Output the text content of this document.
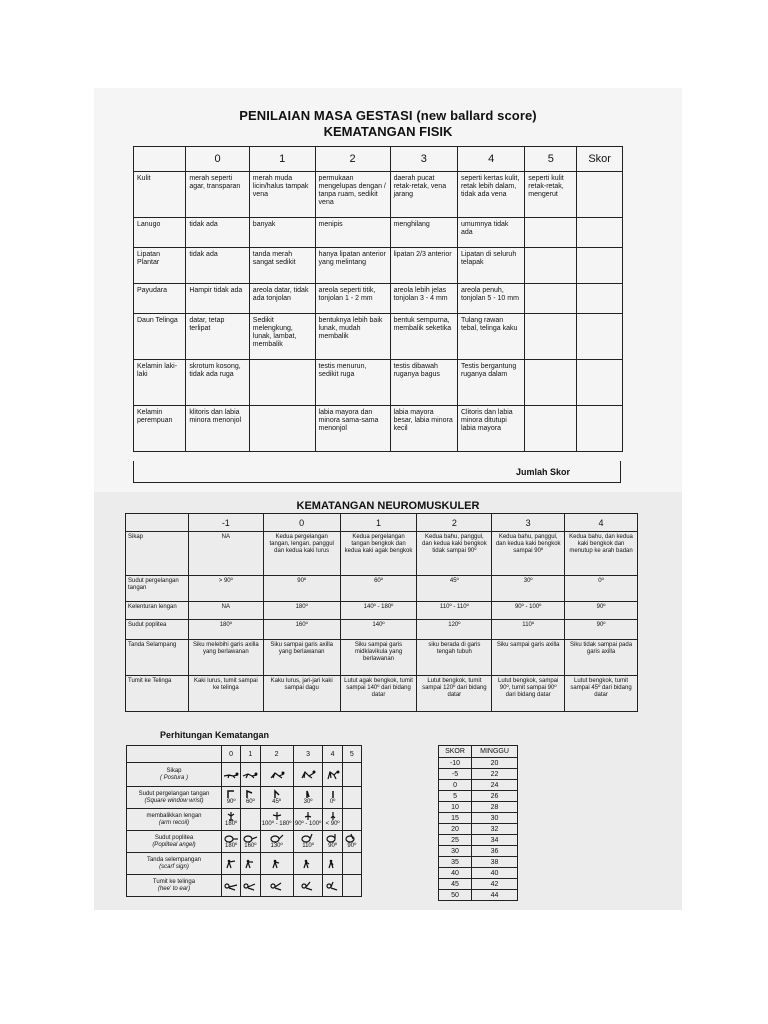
PENILAIAN MASA GESTASI (new ballard score)
KEMATANGAN FISIK
	0	1	2	3	4	5	Skor
Kulit	merah seperti agar, transparan	merah muda licin/halus tampak vena	permukaan mengelupas dengan / tanpa ruam, sedikit vena	daerah pucat retak-retak, vena jarang	seperti kertas kulit, retak lebih dalam, tidak ada vena	seperti kulit retak-retak, mengerut	
Lanugo	tidak ada	banyak	menipis	menghilang	umumnya tidak ada		
Lipatan Plantar	tidak ada	tanda merah sangat sedikit	hanya lipatan anterior yang melintang	lipatan 2/3 anterior	Lipatan di seluruh telapak		
Payudara	Hampir tidak ada	areola datar, tidak ada tonjolan	areola seperti titik, tonjolan 1 - 2 mm	areola lebih jelas tonjolan 3 - 4 mm	areola penuh, tonjolan 5 - 10 mm		
Daun Telinga	datar, tetap terlipat	Sedikit melengkung, lunak, lambat, membalik	bentuknya lebih baik lunak, mudah membalik	bentuk sempurna, membalik seketika	Tulang rawan tebal, telinga kaku		
Kelamin laki-laki	skrotum kosong, tidak ada ruga		testis menurun, sedikit ruga	testis dibawah ruganya bagus	Testis bergantung ruganya dalam		
Kelamin perempuan	klitoris dan labia minora menonjol		labia mayora dan minora sama-sama menonjol	labia mayora besar, labia minora kecil	Clitoris dan labia minora ditutupi labia mayora		
Jumlah Skor
KEMATANGAN NEUROMUSKULER
	-1	0	1	2	3	4
Sikap	NA	Kedua pergelangan tangan, lengan, panggul dan kedua kaki lurus	Kedua pergelangan tangan bengkok dan kedua kaki agak bengkok	Kedua bahu, panggul, dan kedua kaki bengkok tidak sampai 90º	Kedua bahu, panggul, dan kedua kaki bengkok sampai 90º	Kedua bahu, dan kedua kaki bengkok dan menutup ke arah badan
Sudut pergelangan tangan	> 90º	90º	60º	45º	30º	0º
Kelenturan lengan	NA	180º	140º - 180º	110º - 110º	90º - 100º	90º
Sudut poplitea	180º	160º	140º	120º	110º	90º
Tanda Selampang	Siku melebihi garis axilla yang berlawanan	Siku sampai garis axilla yang berlawanan	Siku sampai garis midklavikula yang berlawanan	siku berada di garis tengah tubuh	Siku sampai garis axilla	Siku tidak sampai pada garis axilla
Tumit ke Telinga	Kaki lurus, tumit sampai ke telinga	Kaku lurus, jari-jari kaki sampai dagu	Lutut agak bengkok, tumit sampai 140º dari bidang datar	Lutut bengkok, tumit sampai 120º dari bidang datar	Lutut bengkok, sampai 90º, tumit sampai 90º dari bidang datar	Lutut bengkok, tumit sampai 45º dari bidang datar
Perhitungan Kematangan
	0	1	2	3	4	5

Sikap
( Postura )

Sudut pergelangan tangan
(Square window wrist)	90º	60º	45º	30º	0º	

membalikkan lengan
(arm recoil)	180º		100º - 180º	90º - 100º	< 90º	

Sudut poplitea
(Popliteal angel)	180º	160º	130º	110º	90º	90º

Tanda selempangan
(scarf sign)

Tumit ke telinga
(hee' to ear)

SKOR	MINGGU
-10	20
-5	22
0	24
5	26
10	28
15	30
20	32
25	34
30	36
35	38
40	40
45	42
50	44
